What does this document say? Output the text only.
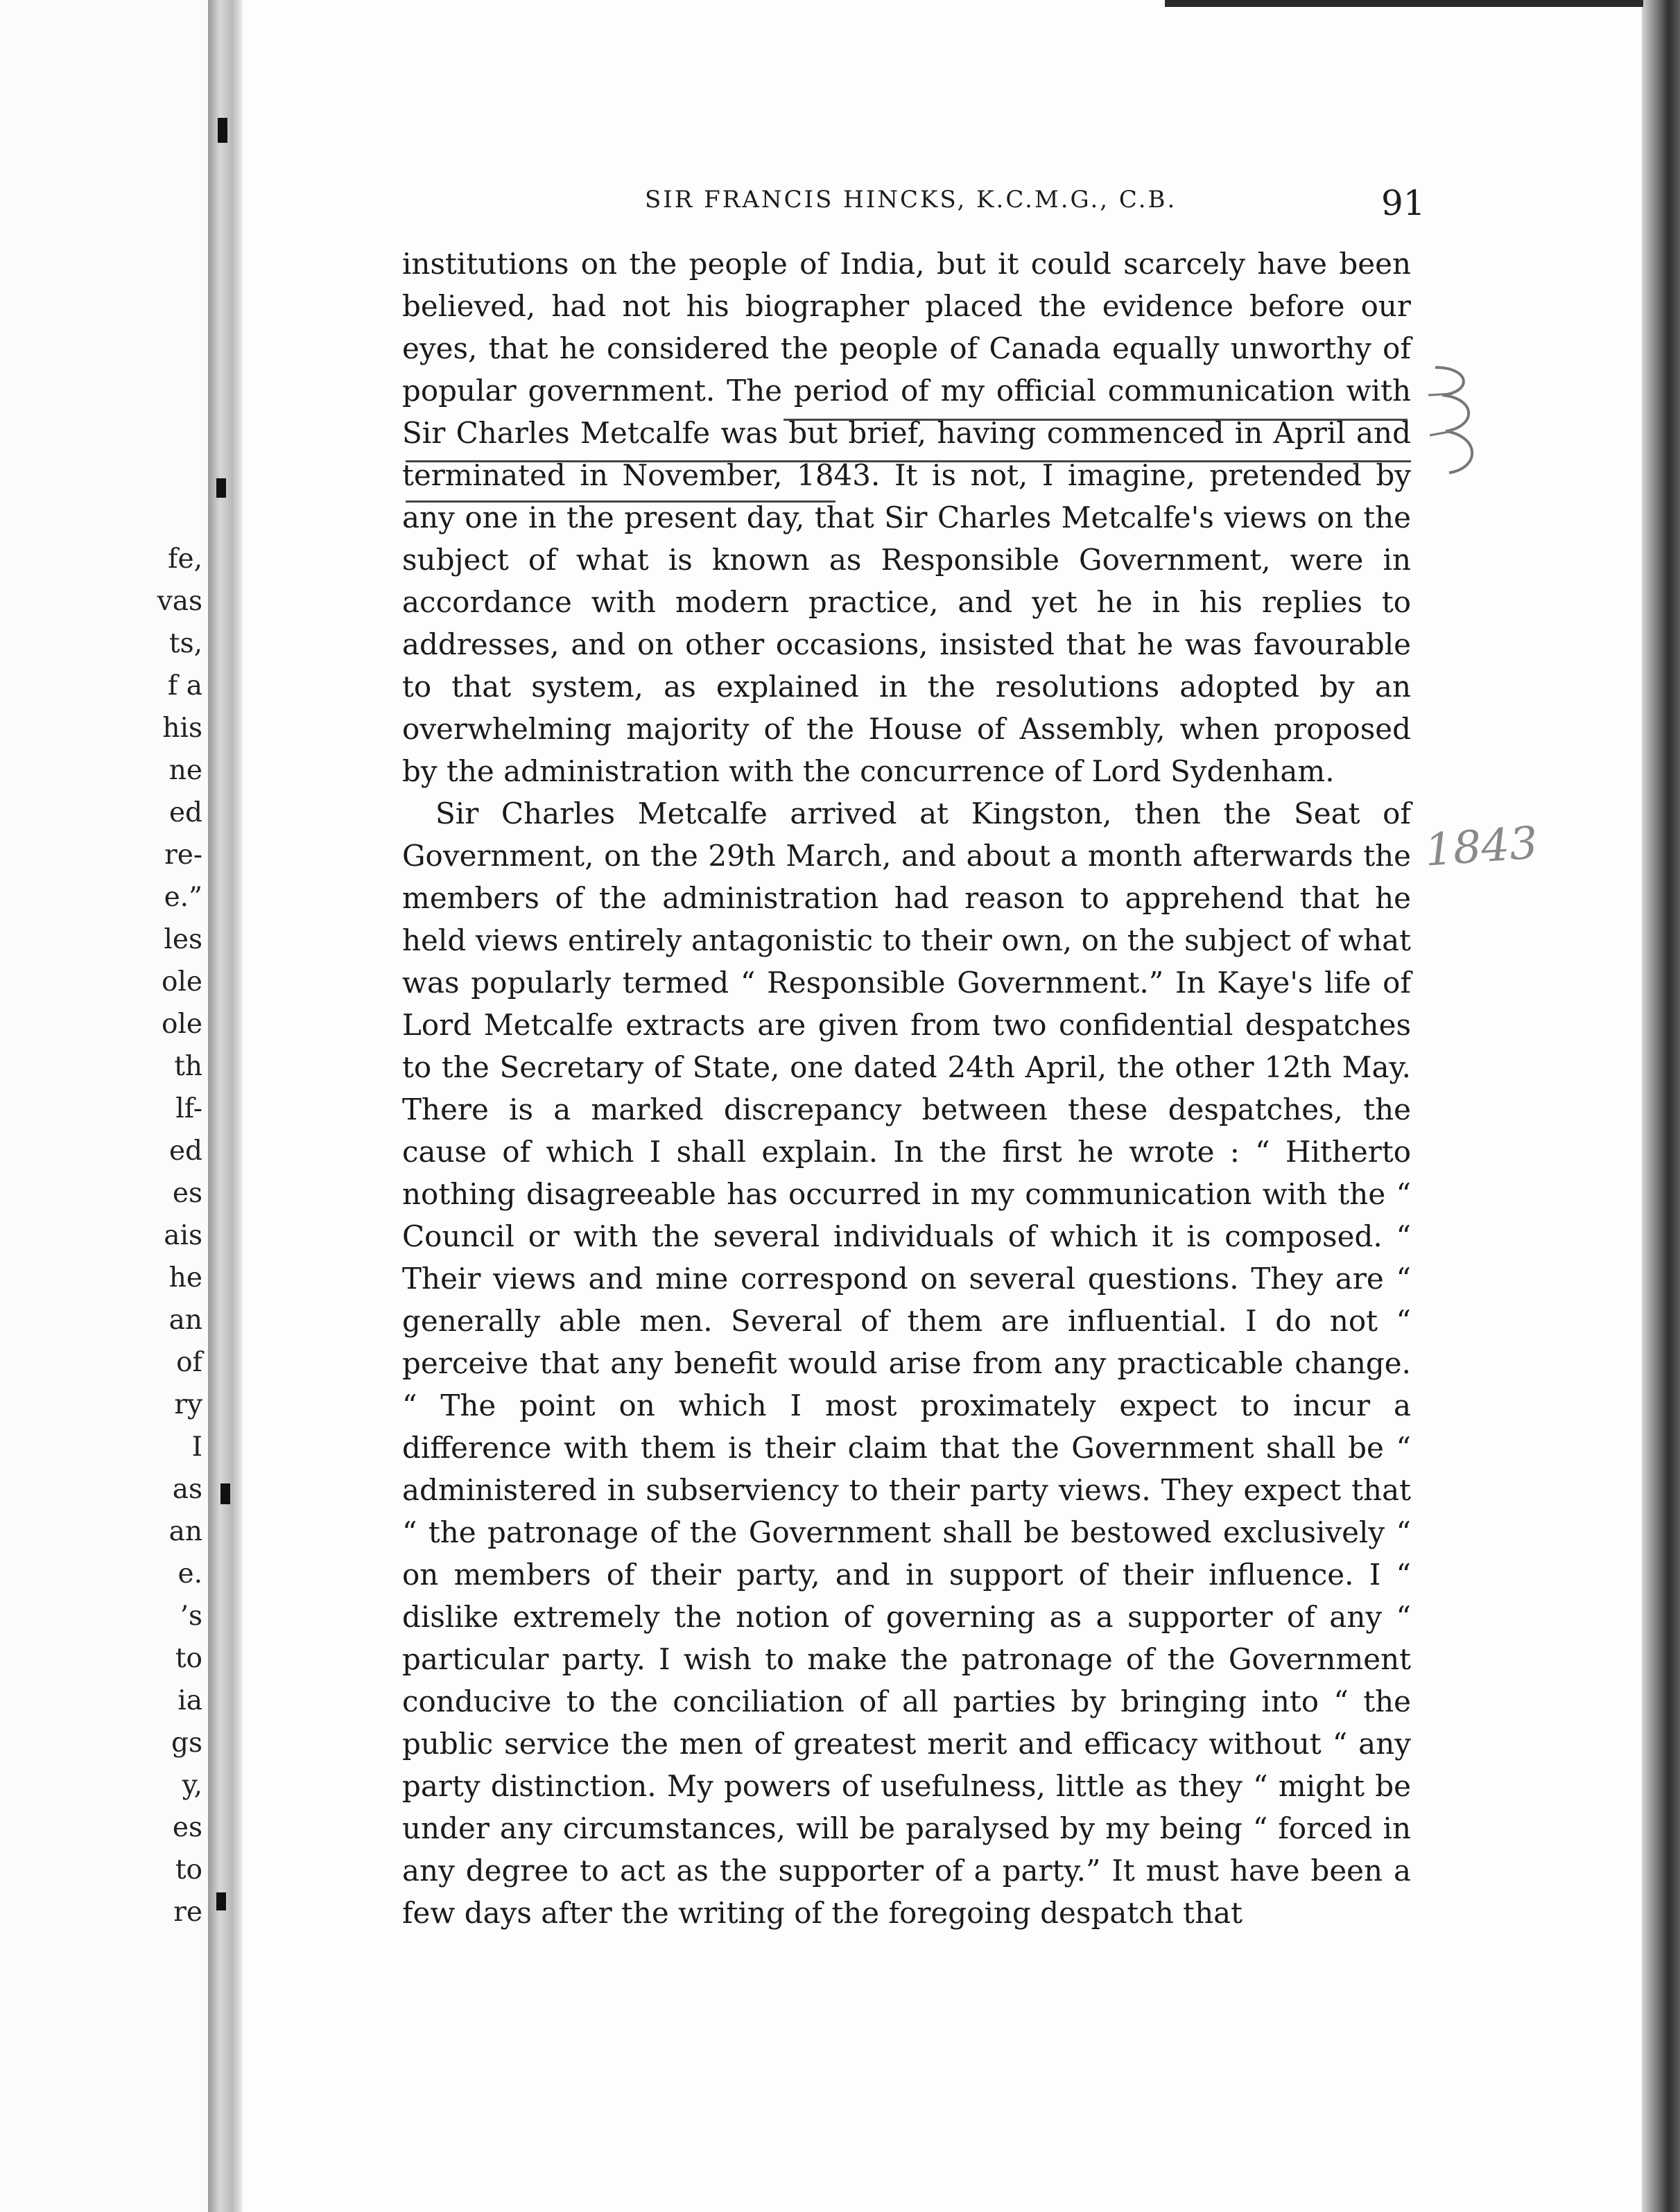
fe,
vas
ts,
f a
his
ne
ed
re-
e.”
les
ole
ole
th
lf-
ed
es
ais
he
an
of
ry
I
as
an
e.
’s
to
ia
gs
y,
es
to
re
SIR FRANCIS HINCKS, K.C.M.G., C.B.	91

institutions on the people of India, but it could scarcely have been believed, had not his biographer placed the evidence before our eyes, that he considered the people of Canada equally unworthy of popular government. The period of my official communication with Sir Charles Metcalfe was but brief, having commenced in April and terminated in November, 1843. It is not, I imagine, pretended by any one in the present day, that Sir Charles Metcalfe's views on the subject of what is known as Responsible Government, were in accordance with modern practice, and yet he in his replies to addresses, and on other occasions, insisted that he was favourable to that system, as explained in the resolutions adopted by an overwhelming majority of the House of Assembly, when proposed by the administration with the concurrence of Lord Sydenham.

Sir Charles Metcalfe arrived at Kingston, then the Seat of Government, on the 29th March, and about a month afterwards the members of the administration had reason to apprehend that he held views entirely antagonistic to their own, on the subject of what was popularly termed “ Responsible Government.” In Kaye's life of Lord Metcalfe extracts are given from two confidential despatches to the Secretary of State, one dated 24th April, the other 12th May. There is a marked discrepancy between these despatches, the cause of which I shall explain. In the first he wrote : “ Hitherto nothing disagreeable has occurred in my communication with the “ Council or with the several individuals of which it is composed. “ Their views and mine correspond on several questions. They are “ generally able men. Several of them are influential. I do not “ perceive that any benefit would arise from any practicable change. “ The point on which I most proximately expect to incur a difference with them is their claim that the Government shall be “ administered in subserviency to their party views. They expect that “ the patronage of the Government shall be bestowed exclusively “ on members of their party, and in support of their influence. I “ dislike extremely the notion of governing as a supporter of any “ particular party. I wish to make the patronage of the Government conducive to the conciliation of all parties by bringing into “ the public service the men of greatest merit and efficacy without “ any party distinction. My powers of usefulness, little as they “ might be under any circumstances, will be paralysed by my being “ forced in any degree to act as the supporter of a party.” It must have been a few days after the writing of the foregoing despatch that

1843
